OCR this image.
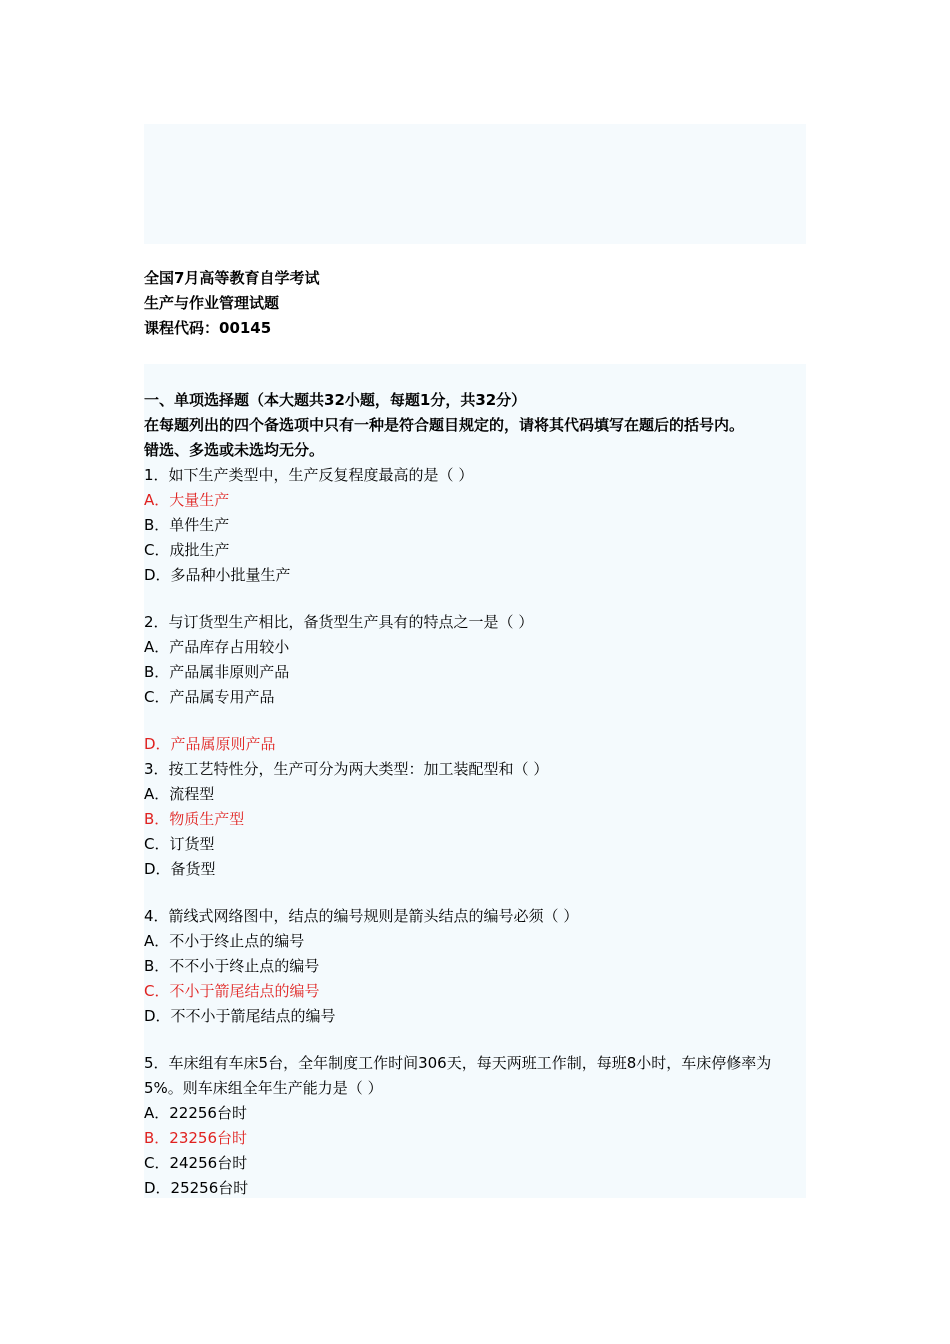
全国7月高等教育自学考试
生产与作业管理试题
课程代码：00145
一、单项选择题（本大题共32小题，每题1分，共32分）
在每题列出的四个备选项中只有一种是符合题目规定的，请将其代码填写在题后的括号内。
错选、多选或未选均无分。
1．如下生产类型中，生产反复程度最高的是（ ）
A．大量生产
B．单件生产
C．成批生产
D．多品种小批量生产
2．与订货型生产相比，备货型生产具有的特点之一是（ ）
A．产品库存占用较小
B．产品属非原则产品
C．产品属专用产品
D．产品属原则产品
3．按工艺特性分，生产可分为两大类型：加工装配型和（ ）
A．流程型
B．物质生产型
C．订货型
D．备货型
4．箭线式网络图中，结点的编号规则是箭头结点的编号必须（ ）
A．不小于终止点的编号
B．不不小于终止点的编号
C．不小于箭尾结点的编号
D．不不小于箭尾结点的编号
5．车床组有车床5台，全年制度工作时间306天，每天两班工作制，每班8小时，车床停修率为5%。则车床组全年生产能力是（ ）
A．22256台时
B．23256台时
C．24256台时
D．25256台时
